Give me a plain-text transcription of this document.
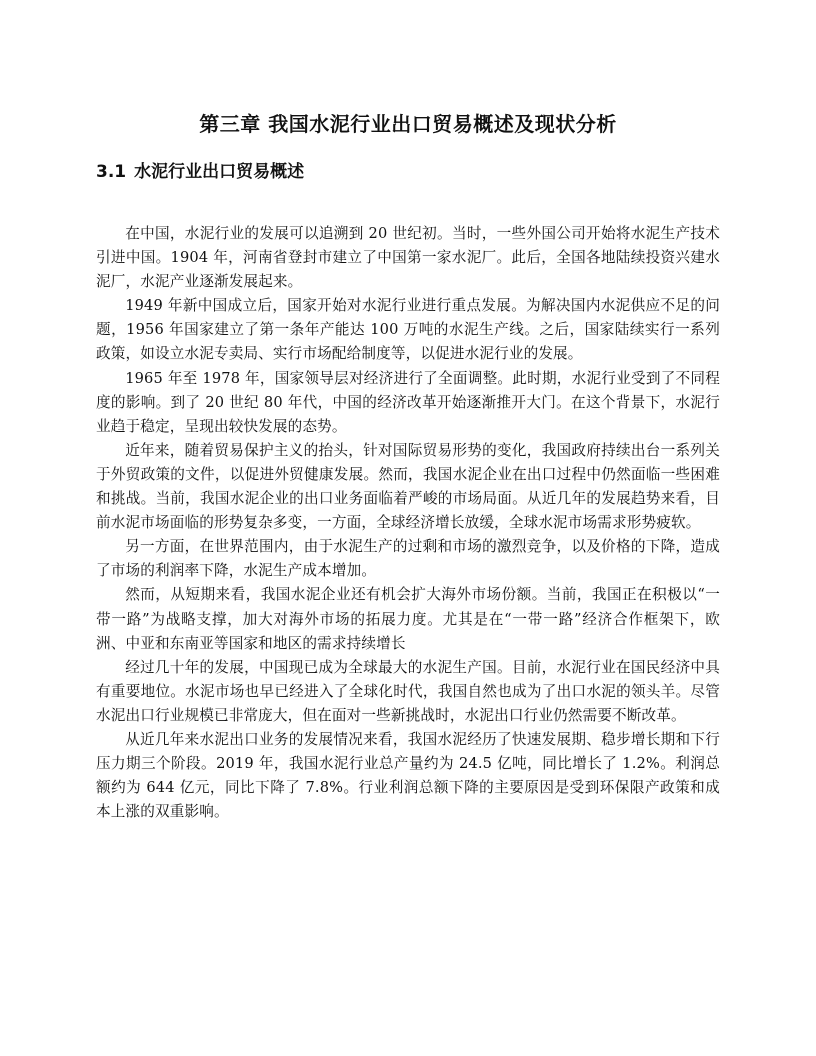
第三章 我国水泥行业出口贸易概述及现状分析
3.1 水泥行业出口贸易概述

在中国，水泥行业的发展可以追溯到 20 世纪初。当时，一些外国公司开始将水泥生产技术引进中国。1904 年，河南省登封市建立了中国第一家水泥厂。此后，全国各地陆续投资兴建水泥厂，水泥产业逐渐发展起来。

1949 年新中国成立后，国家开始对水泥行业进行重点发展。为解决国内水泥供应不足的问题，1956 年国家建立了第一条年产能达 100 万吨的水泥生产线。之后，国家陆续实行一系列政策，如设立水泥专卖局、实行市场配给制度等，以促进水泥行业的发展。

1965 年至 1978 年，国家领导层对经济进行了全面调整。此时期，水泥行业受到了不同程度的影响。到了 20 世纪 80 年代，中国的经济改革开始逐渐推开大门。在这个背景下，水泥行业趋于稳定，呈现出较快发展的态势。

近年来，随着贸易保护主义的抬头，针对国际贸易形势的变化，我国政府持续出台一系列关于外贸政策的文件，以促进外贸健康发展。然而，我国水泥企业在出口过程中仍然面临一些困难和挑战。当前，我国水泥企业的出口业务面临着严峻的市场局面。从近几年的发展趋势来看，目前水泥市场面临的形势复杂多变，一方面，全球经济增长放缓，全球水泥市场需求形势疲软。

另一方面，在世界范围内，由于水泥生产的过剩和市场的激烈竞争，以及价格的下降，造成了市场的利润率下降，水泥生产成本增加。

然而，从短期来看，我国水泥企业还有机会扩大海外市场份额。当前，我国正在积极以“一带一路”为战略支撑，加大对海外市场的拓展力度。尤其是在“一带一路”经济合作框架下，欧洲、中亚和东南亚等国家和地区的需求持续增长

经过几十年的发展，中国现已成为全球最大的水泥生产国。目前，水泥行业在国民经济中具有重要地位。水泥市场也早已经进入了全球化时代，我国自然也成为了出口水泥的领头羊。尽管水泥出口行业规模已非常庞大，但在面对一些新挑战时，水泥出口行业仍然需要不断改革。

从近几年来水泥出口业务的发展情况来看，我国水泥经历了快速发展期、稳步增长期和下行压力期三个阶段。2019 年，我国水泥行业总产量约为 24.5 亿吨，同比增长了 1.2%。利润总额约为 644 亿元，同比下降了 7.8%。行业利润总额下降的主要原因是受到环保限产政策和成本上涨的双重影响。
